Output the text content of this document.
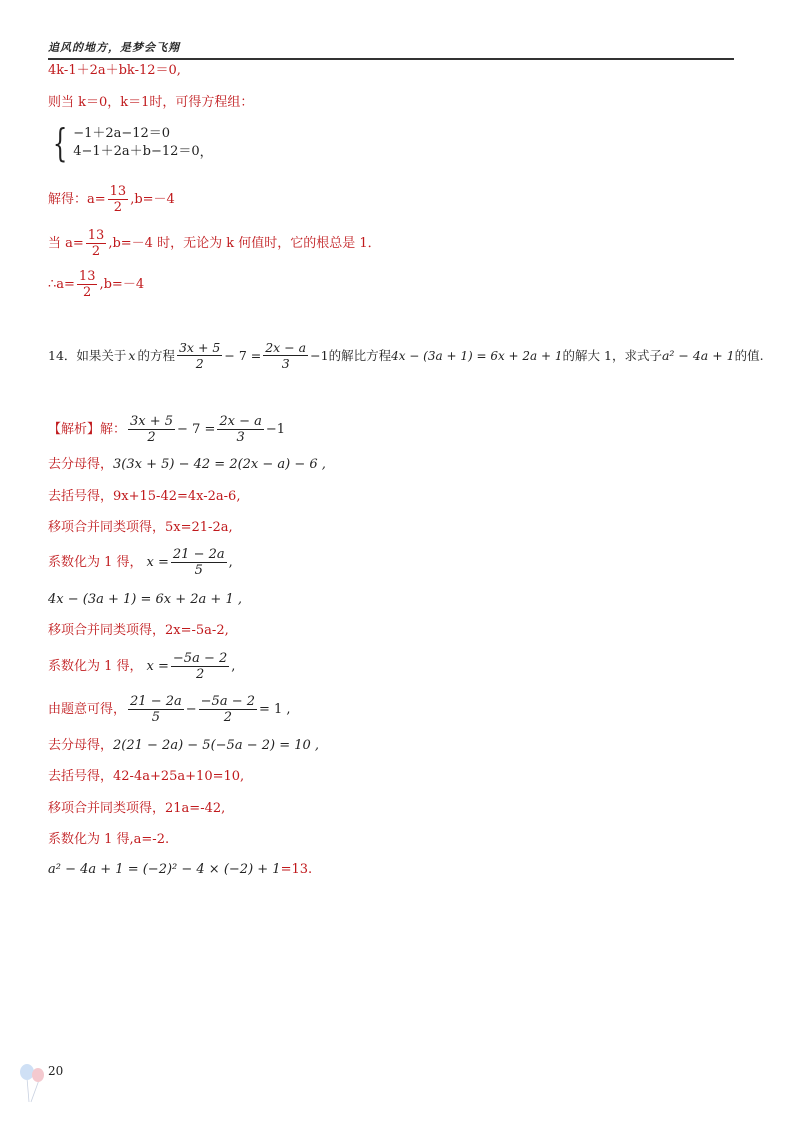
追风的地方，是梦会飞翔
4k-1＋2a＋bk-12＝0,
则当 k＝0，k＝1时，可得方程组：
{ −1＋2a−12＝0
4−1＋2a＋b−12＝0 ，
解得：$a= \frac{13}{2} ,b=-4$
当 $a= \frac{13}{2} ,b=-4$ 时，无论为 k 何值时，它的根总是 1．
∴a= $\frac{13}{2} ,b=-4$
14．如果关于 x 的方程 $\frac{3x + 5}{2} - 7 = \frac{2x - a}{3} -1$ 的解比方程 4x − (3a + 1) = 6x + 2a + 1 的解大 1，求式子 a² − 4a + 1 的值.
【解析】解： $\frac{3x + 5}{2} - 7 = \frac{2x - a}{3} -1$
去分母得， 3(3x + 5) − 42 = 2(2x − a) − 6 ,
去括号得， 9x+15-42=4x-2a-6,
移项合并同类项得， 5x=21-2a,
系数化为 1 得， $x = \frac{21 - 2a}{5}$ ,
4x − (3a + 1) = 6x + 2a + 1 ,
移项合并同类项得， 2x=-5a-2,
系数化为 1 得， $x = \frac{-5a - 2}{2}$ ,
由题意可得， $\frac{21 - 2a}{5} - \frac{-5a - 2}{2} = 1$ ,
去分母得， 2(21 − 2a) − 5(−5a − 2) = 10 ,
去括号得， 42-4a+25a+10=10,
移项合并同类项得， 21a=-42,
系数化为 1 得,a=-2.
a² − 4a + 1 = (−2)² − 4 × (−2) + 1 =13.
20
